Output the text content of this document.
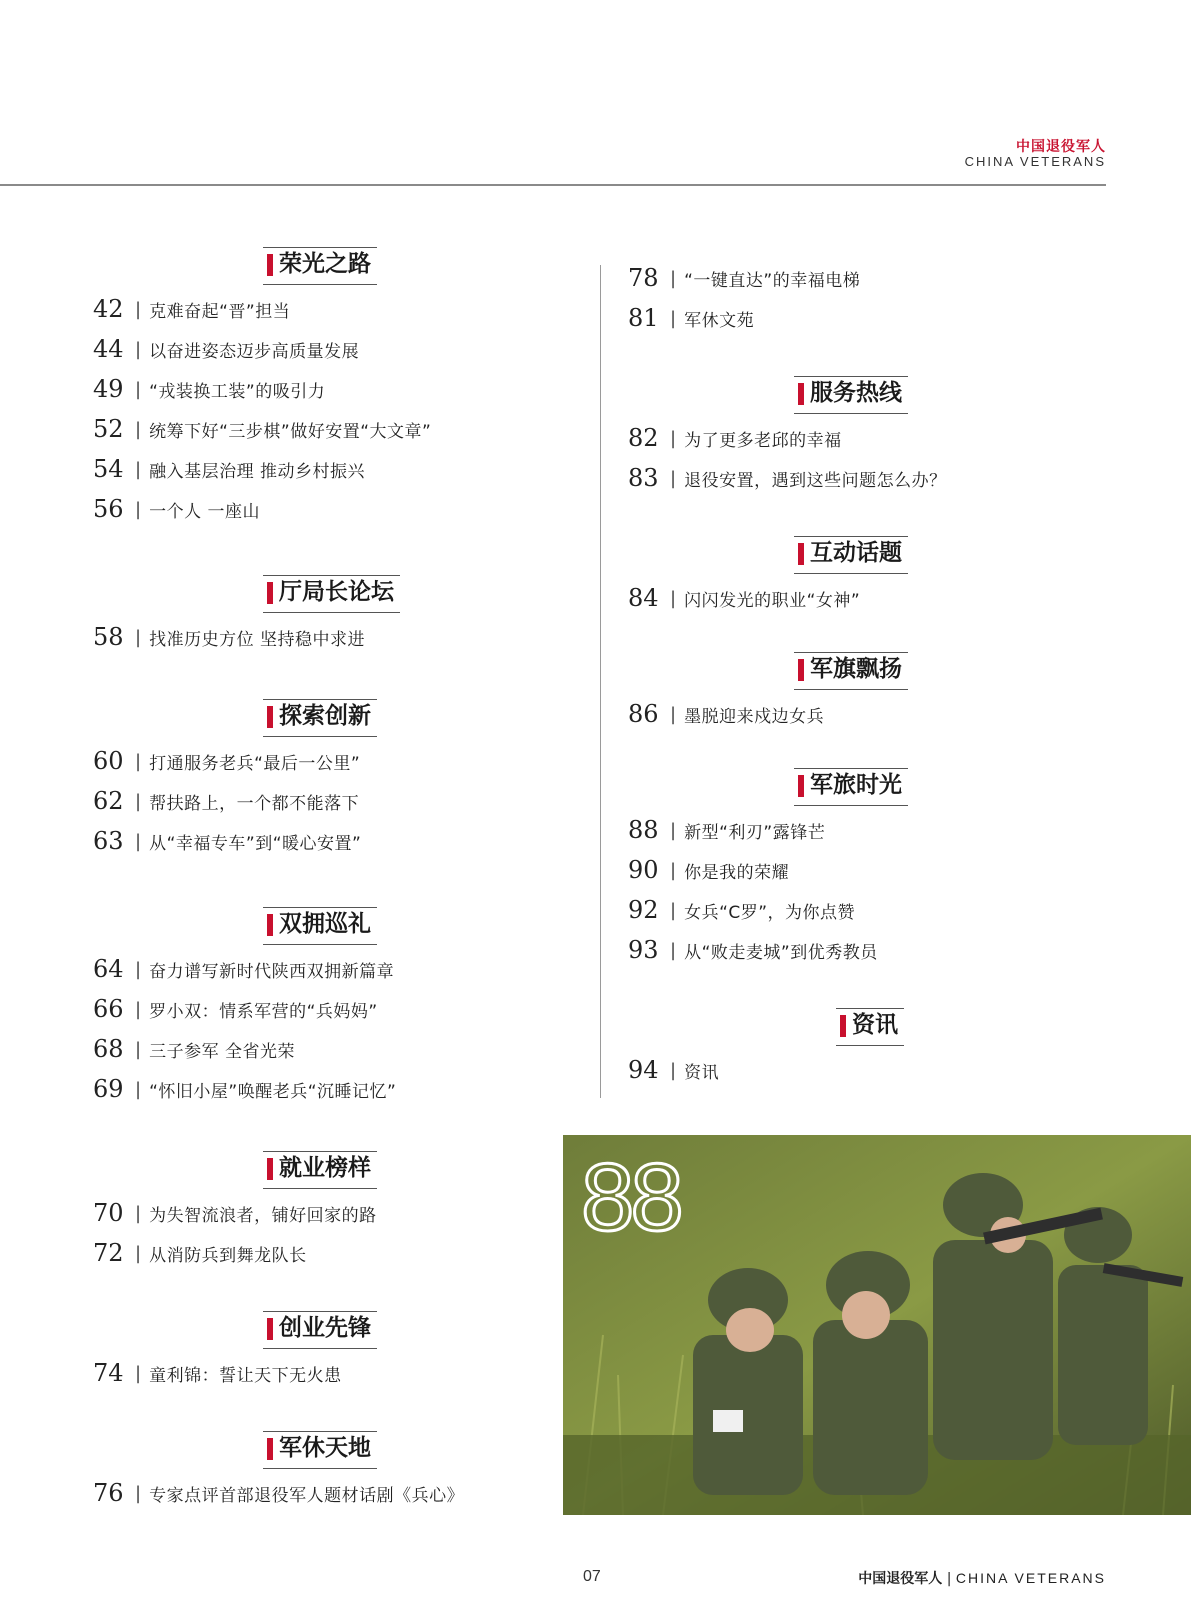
中国退役军人
CHINA VETERANS
荣光之路
42 | 克难奋起“晋”担当
44 | 以奋进姿态迈步高质量发展
49 | “戎装换工装”的吸引力
52 | 统筹下好“三步棋”做好安置“大文章”
54 | 融入基层治理 推动乡村振兴
56 | 一个人 一座山
厅局长论坛
58 | 找准历史方位 坚持稳中求进
探索创新
60 | 打通服务老兵“最后一公里”
62 | 帮扶路上，一个都不能落下
63 | 从“幸福专车”到“暖心安置”
双拥巡礼
64 | 奋力谱写新时代陕西双拥新篇章
66 | 罗小双：情系军营的“兵妈妈”
68 | 三子参军 全省光荣
69 | “怀旧小屋”唤醒老兵“沉睡记忆”
就业榜样
70 | 为失智流浪者，铺好回家的路
72 | 从消防兵到舞龙队长
创业先锋
74 | 童利锦：誓让天下无火患
军休天地
76 | 专家点评首部退役军人题材话剧《兵心》
78 | “一键直达”的幸福电梯
81 | 军休文苑
服务热线
82 | 为了更多老邱的幸福
83 | 退役安置，遇到这些问题怎么办？
互动话题
84 | 闪闪发光的职业“女神”
军旗飘扬
86 | 墨脱迎来戍边女兵
军旅时光
88 | 新型“利刃”露锋芒
90 | 你是我的荣耀
92 | 女兵“C罗”，为你点赞
93 | 从“败走麦城”到优秀教员
资讯
94 | 资讯
88
07	中国退役军人 | CHINA VETERANS
